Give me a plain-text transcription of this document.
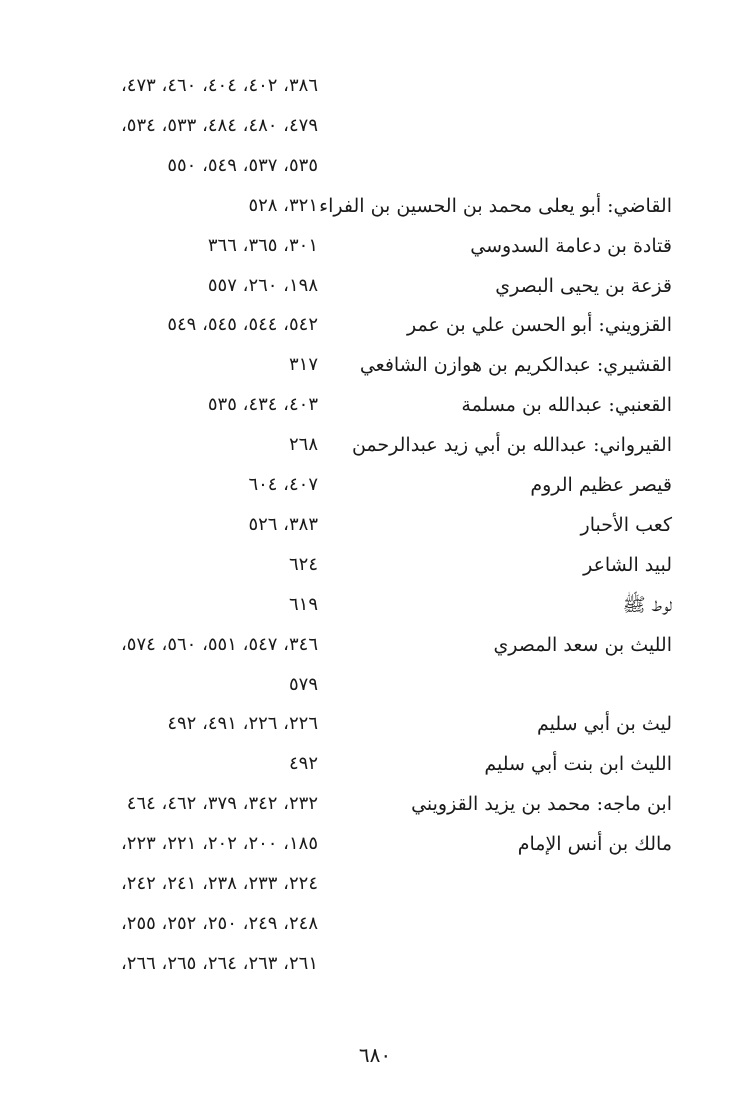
٣٨٦، ٤٠٢، ٤٠٤، ٤٦٠، ٤٧٣،
٤٧٩، ٤٨٠، ٤٨٤، ٥٣٣، ٥٣٤،
٥٣٥، ٥٣٧، ٥٤٩، ٥٥٠
القاضي: أبو يعلى محمد بن الحسين بن الفراء
٣٢١، ٥٢٨
قتادة بن دعامة السدوسي
٣٠١، ٣٦٥، ٣٦٦
قزعة بن يحيى البصري
١٩٨، ٢٦٠، ٥٥٧
القزويني: أبو الحسن علي بن عمر
٥٤٢، ٥٤٤، ٥٤٥، ٥٤٩
القشيري: عبدالكريم بن هوازن الشافعي
٣١٧
القعنبي: عبدالله بن مسلمة
٤٠٣، ٤٣٤، ٥٣٥
القيرواني: عبدالله بن أبي زيد عبدالرحمن
٢٦٨
قيصر عظيم الروم
٤٠٧، ٦٠٤
كعب الأحبار
٣٨٣، ٥٢٦
لبيد الشاعر
٦٢٤
لوط ﷺ
٦١٩
الليث بن سعد المصري
٣٤٦، ٥٤٧، ٥٥١، ٥٦٠، ٥٧٤،
٥٧٩
ليث بن أبي سليم
٢٢٦، ٢٢٦، ٤٩١، ٤٩٢
الليث ابن بنت أبي سليم
٤٩٢
ابن ماجه: محمد بن يزيد القزويني
٢٣٢، ٣٤٢، ٣٧٩، ٤٦٢، ٤٦٤
مالك بن أنس الإمام
١٨٥، ٢٠٠، ٢٠٢، ٢٢١، ٢٢٣،
٢٢٤، ٢٣٣، ٢٣٨، ٢٤١، ٢٤٢،
٢٤٨، ٢٤٩، ٢٥٠، ٢٥٢، ٢٥٥،
٢٦١، ٢٦٣، ٢٦٤، ٢٦٥، ٢٦٦،
٦٨٠
